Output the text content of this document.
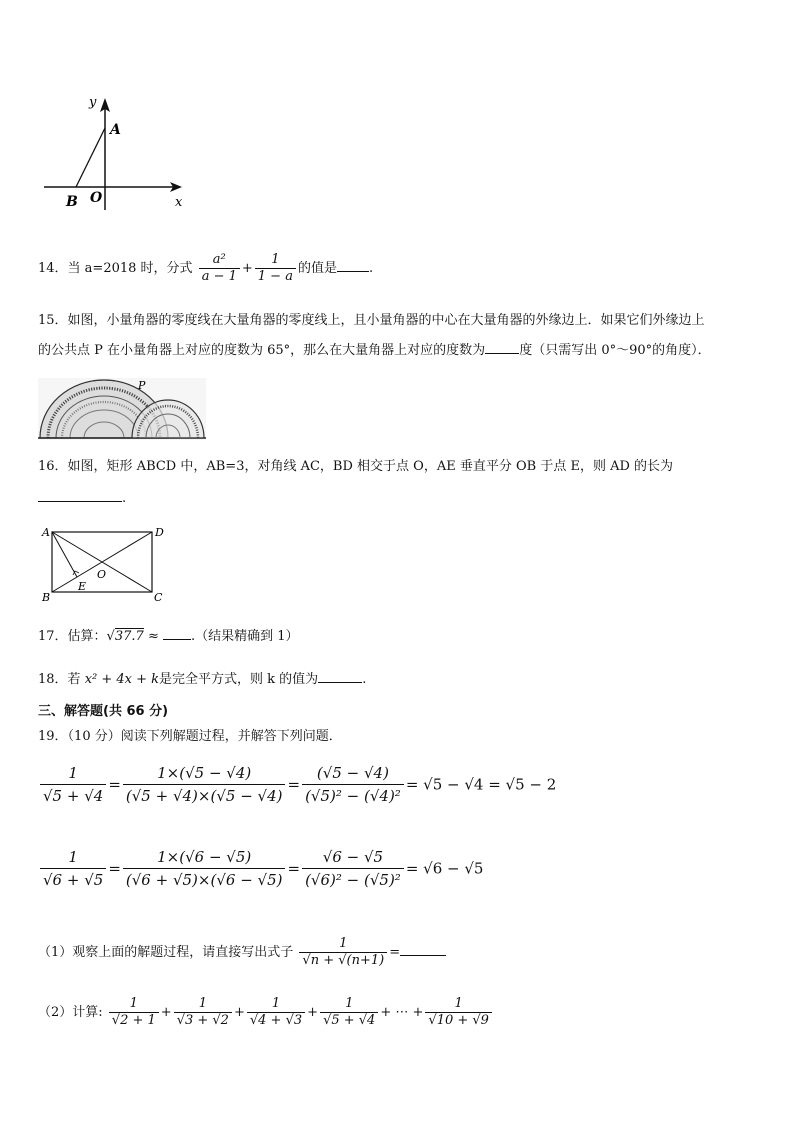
y
A
B O	x
14．当 a=2018 时，分式 $\frac{\text{a²}}{a - 1} + \frac{1}{1 - a}$ 的值是 .
15．如图，小量角器的零度线在大量角器的零度线上，且小量角器的中心在大量角器的外缘边上．如果它们外缘边上
的公共点 P 在小量角器上对应的度数为 65°，那么在大量角器上对应的度数为	度（只需写出 0°～90°的角度）．
P
16．如图，矩形 ABCD 中，AB=3，对角线 AC，BD 相交于点 O，AE 垂直平分 OB 于点 E，则 AD 的长为
.
A	D
B	C
E
O
17．估算：√37.7 ≈ .（结果精确到 1）
18．若 x² + 4x + k是完全平方式，则 k 的值为	.
三、解答题(共 66 分)
19．（10 分）阅读下列解题过程，并解答下列问题．
$\frac{1}{√5 + √4} = \frac{1\times(√5 - √4)}{(√5 + √4)\times(√5 - √4)} = \frac{(√5 - √4)}{\text{(√5)² − (√4)²}} = √5 - √4 = √5 - 2$
$\frac{1}{√6 + √5} = \frac{1\times(√6 - √5)}{(√6 + √5)\times(√6 - √5)} = \frac{√6 - √5}{\text{(√6)² − (√5)²}} = √6 - √5$
（1）观察上面的解题过程，请直接写出式子 $\frac{1}{√n + √(n+1)}$ =
（2）计算: $\frac{1}{√2 + 1} + \frac{1}{√3 + √2} + \frac{1}{√4 + √3} + \frac{1}{√5 + √4}$ + ⋯ + $\frac{1}{√10 + √9}$
